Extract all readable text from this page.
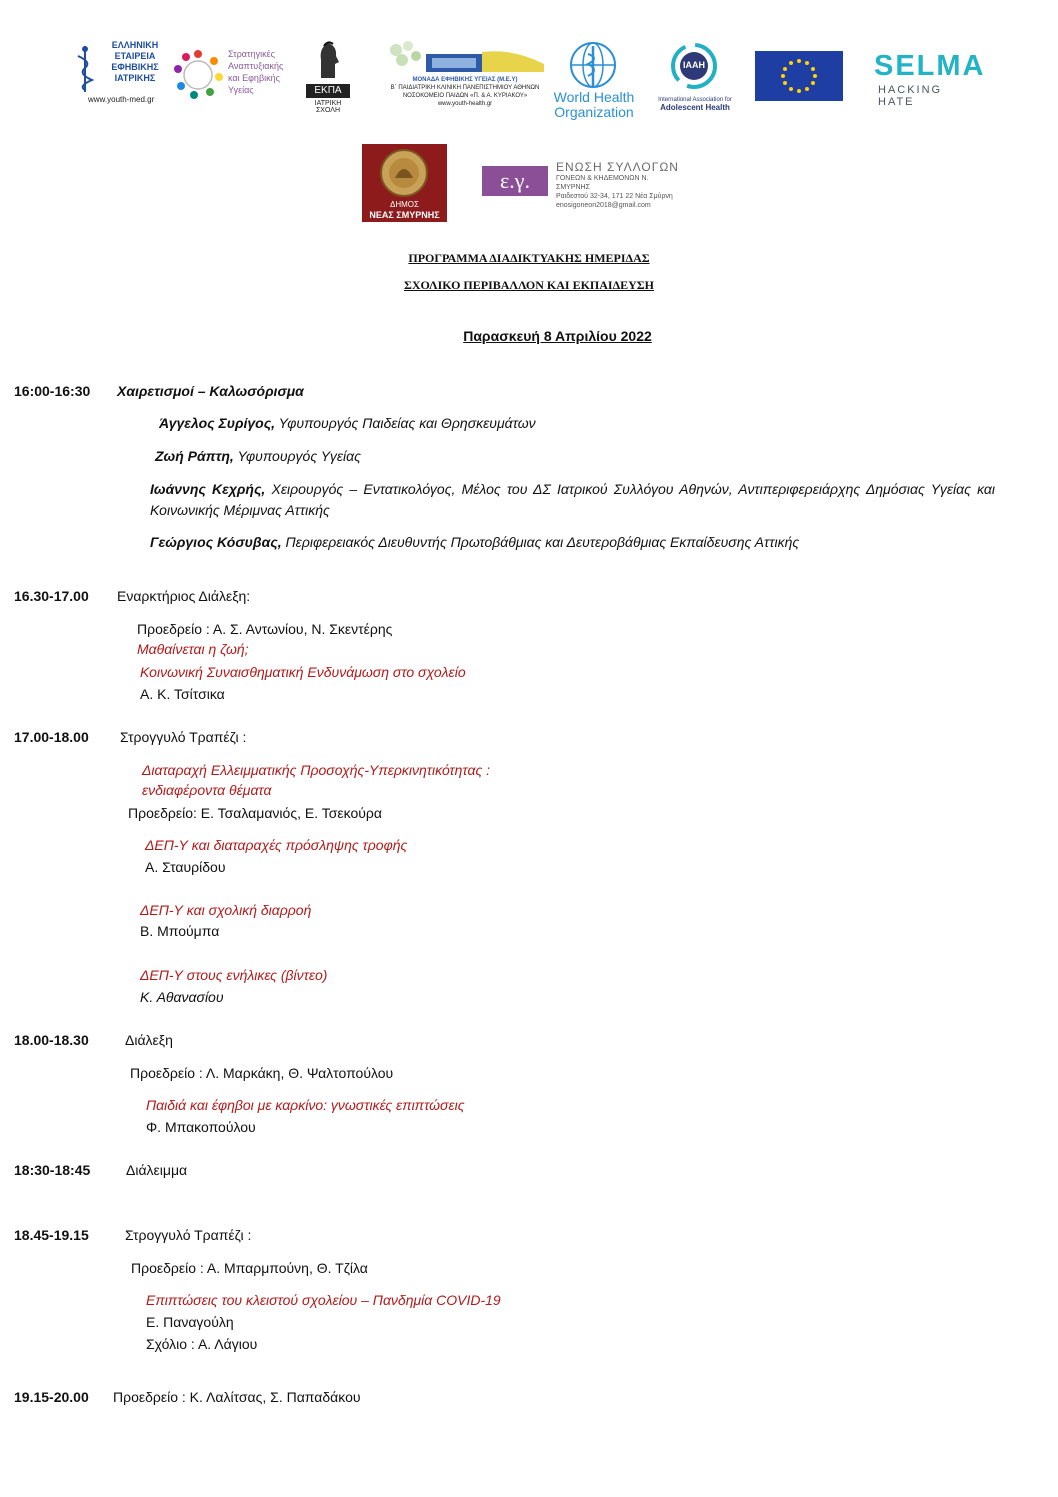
ΕΛΛΗΝΙΚΗ
ΕΤΑΙΡΕΙΑ
ΕΦΗΒΙΚΗΣ
ΙΑΤΡΙΚΗΣ
www.youth-med.gr
Στρατηγικές
Αναπτυξιακής
και Εφηβικής
Υγείας	ΕΚΠΑ
ΙΑΤΡΙΚΗ ΣΧΟΛΗ
ΜΟΝΑΔΑ ΕΦΗΒΙΚΗΣ ΥΓΕΙΑΣ (Μ.Ε.Υ)
Β΄ ΠΑΙΔΙΑΤΡΙΚΗ ΚΛΙΝΙΚΗ ΠΑΝΕΠΙΣΤΗΜΙΟΥ ΑΘΗΝΩΝ
ΝΟΣΟΚΟΜΕΙΟ ΠΑΙΔΩΝ «Π. & Α. ΚΥΡΙΑΚΟΥ»
www.youth-health.gr	World Health
Organization
IAAH
International Association for
Adolescent Health
SELMA
HACKING HATE
ΔΗΜΟΣ
ΝΕΑΣ ΣΜΥΡΝΗΣ
ε.γ.
ΕΝΩΣΗ ΣΥΛΛΟΓΩΝ
ΓΟΝΕΩΝ & ΚΗΔΕΜΟΝΩΝ Ν. ΣΜΥΡΝΗΣ
Ραιδεστού 32-34, 171 22 Νέα Σμύρνη
enosigoneon2018@gmail.com
ΠΡΟΓΡΑΜΜΑ ΔΙΑΔΙΚΤΥΑΚΗΣ ΗΜΕΡΙΔΑΣ
ΣΧΟΛΙΚΟ ΠΕΡΙΒΑΛΛΟΝ ΚΑΙ ΕΚΠΑΙΔΕΥΣΗ
Παρασκευή 8 Απριλίου 2022
16:00-16:30 Χαιρετισμοί – Καλωσόρισμα
Άγγελος Συρίγος, Υφυπουργός Παιδείας και Θρησκευμάτων
Ζωή Ράπτη, Υφυπουργός Υγείας
Ιωάννης Κεχρής, Χειρουργός – Εντατικολόγος, Μέλος του ΔΣ Ιατρικού Συλλόγου Αθηνών, Αντιπεριφερειάρχης Δημόσιας Υγείας και Κοινωνικής Μέριμνας Αττικής
Γεώργιος Κόσυβας, Περιφερειακός Διευθυντής Πρωτοβάθμιας και Δευτεροβάθμιας Εκπαίδευσης Αττικής
16.30-17.00 Εναρκτήριος Διάλεξη:
Προεδρείο : Α. Σ. Αντωνίου, Ν. Σκεντέρης
Μαθαίνεται η ζωή;
Κοινωνική Συναισθηματική Ενδυνάμωση στο σχολείο
Α. Κ. Τσίτσικα
17.00-18.00 Στρογγυλό Τραπέζι :
Διαταραχή Ελλειμματικής Προσοχής-Υπερκινητικότητας :
ενδιαφέροντα θέματα
Προεδρείο: Ε. Τσαλαμανιός, Ε. Τσεκούρα
ΔΕΠ-Υ και διαταραχές πρόσληψης τροφής
Α. Σταυρίδου
ΔΕΠ-Υ και σχολική διαρροή
Β. Μπούμπα
ΔΕΠ-Υ στους ενήλικες (βίντεο)
Κ. Αθανασίου
18.00-18.30	Διάλεξη
Προεδρείο : Λ. Μαρκάκη, Θ. Ψαλτοπούλου
Παιδιά και έφηβοι με καρκίνο: γνωστικές επιπτώσεις
Φ. Μπακοπούλου
18:30-18:45	Διάλειμμα
18.45-19.15	Στρογγυλό Τραπέζι :
Προεδρείο : Α. Μπαρμπούνη, Θ. Τζίλα
Επιπτώσεις του κλειστού σχολείου – Πανδημία COVID-19
Ε. Παναγούλη
Σχόλιο : Α. Λάγιου
19.15-20.00 Προεδρείο : Κ. Λαλίτσας, Σ. Παπαδάκου
